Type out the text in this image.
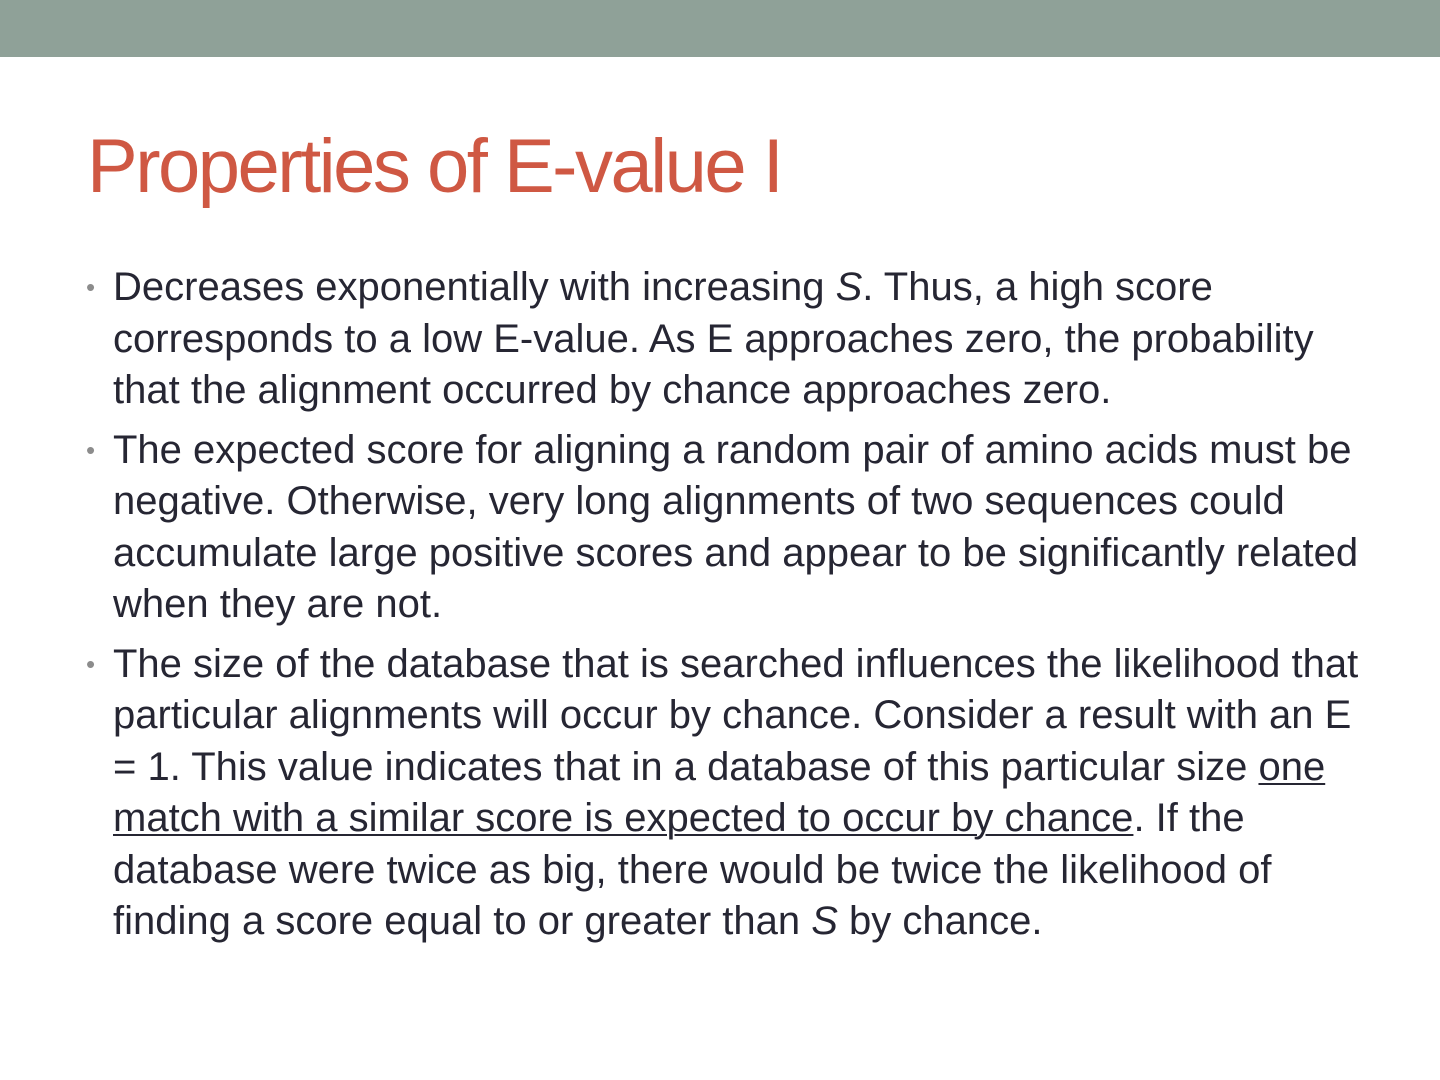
Properties of E-value I
• Decreases exponentially with increasing S. Thus, a high score corresponds to a low E-value. As E approaches zero, the probability that the alignment occurred by chance approaches zero.
• The expected score for aligning a random pair of amino acids must be negative. Otherwise, very long alignments of two sequences could accumulate large positive scores and appear to be significantly related when they are not.
• The size of the database that is searched influences the likelihood that particular alignments will occur by chance. Consider a result with an E = 1. This value indicates that in a database of this particular size one match with a similar score is expected to occur by chance. If the database were twice as big, there would be twice the likelihood of finding a score equal to or greater than S by chance.
